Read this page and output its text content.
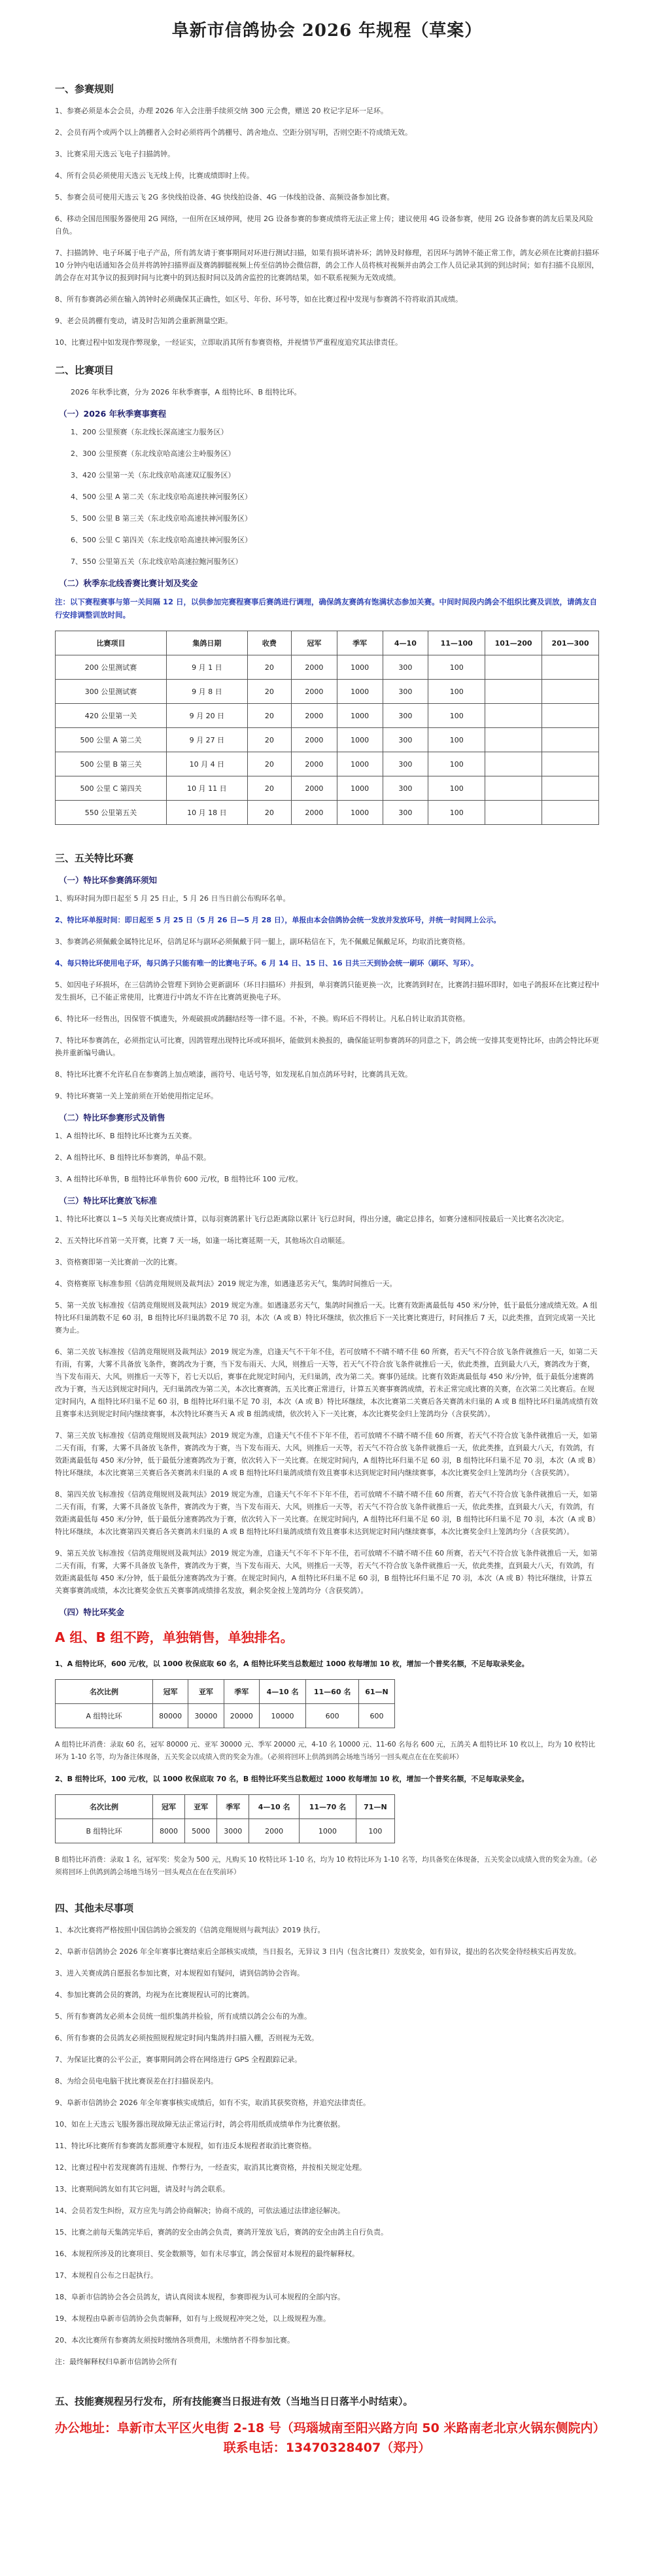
阜新市信鸽协会 2026 年规程（草案）
一、参赛规则

1、参赛必须是本会会员，办理 2026 年入会注册手续须交纳 300 元会费，赠送 20 枚记字足环一足环。

2、会员有两个或两个以上鸽棚者入会时必须将两个鸽棚号、鸽舍地点、空距分别写明，否则空距不符成绩无效。

3、比赛采用天选云飞电子扫描鸽钟。

4、所有会员必须使用天选云飞无线上传，比赛成绩即时上传。

5、参赛会员可使用天选云飞 2G 多快线拍设备、4G 快线拍设备、4G 一体线拍设备、高频设备参加比赛。

6、移动全国范围服务器使用 2G 网络，一但所在区域停网，使用 2G 设备参赛的参赛成绩将无法正常上传；建议使用 4G 设备参赛，使用 2G 设备参赛的鸽友后果及风险自负。

7、扫描鸽钟、电子环属于电子产品，所有鸽友请于赛事期间对环进行测试扫描，如果有损坏请补环；鸽钟及时修理，若因环与鸽钟不能正常工作，鸽友必须在比赛前扫描环10 分钟内电话通知各会员并将鸽钟扫描界面及赛鸽脚腿视频上传至信鸽协会微信群，鸽会工作人员将核对视频并由鸽会工作人员记录其到的到达时间；如有扫描不良原因，鸽会存在对其争议的报到时间与比赛中的到达报时间以及鸽舍监控的比赛鸽结果，如不联系视频为无效成绩。

8、所有参赛鸽必须在输入鸽钟时必须确保其正确性，如区号、年份、环号等，如在比赛过程中发现与参赛鸽不符将取消其成绩。

9、老会员鸽棚有变动，请及时告知鸽会重新测量空距。

10、比赛过程中如发现作弊现象，一经证实，立即取消其所有参赛资格，并视情节严重程度追究其法律责任。

二、比赛项目

2026 年秋季比赛，分为 2026 年秋季赛事，A 组特比环、B 组特比环。

（一）2026 年秋季赛事赛程

1、200 公里预赛（东北线长深高速宝力服务区）

2、300 公里预赛（东北线京哈高速公主岭服务区）

3、420 公里第一关（东北线京哈高速双辽服务区）

4、500 公里 A 第二关（东北线京哈高速扶神河服务区）

5、500 公里 B 第三关（东北线京哈高速扶神河服务区）

6、500 公里 C 第四关（东北线京哈高速扶神河服务区）

7、550 公里第五关（东北线京哈高速拉鲍河服务区）

（二）秋季东北线香赛比赛计划及奖金

注：以下赛程赛事与第一关间隔 12 日，以供参加完赛程赛事后赛鸽进行调理，确保鸽友赛鸽有饱满状态参加关赛。中间时间段内鸽会不组织比赛及训放，请鸽友自行安排调整训放时间。

比赛项目	集鸽日期	收费	冠军	季军	4—10	11—100	101—200	201—300
200 公里测试赛	9 月 1 日	20	2000	1000	300	100		
300 公里测试赛	9 月 8 日	20	2000	1000	300	100		
420 公里第一关	9 月 20 日	20	2000	1000	300	100		
500 公里 A 第二关	9 月 27 日	20	2000	1000	300	100		
500 公里 B 第三关	10 月 4 日	20	2000	1000	300	100		
500 公里 C 第四关	10 月 11 日	20	2000	1000	300	100		
550 公里第五关	10 月 18 日	20	2000	1000	300	100		
三、五关特比环赛
（一）特比环参赛鸽环须知

1、购环时间为即日起至 5 月 25 日止，5 月 26 日当日前公布购环名单。

2、特比环单报时间：即日起至 5 月 25 日（5 月 26 日—5 月 28 日），单报由本会信鸽协会统一发放并发放环号，并统一时间网上公示。

3、参赛鸽必须佩戴金属特比足环，信鸽足环与副环必须佩戴于同一腿上，副环粘信在下，先不佩戴足佩戴足环，均取消比赛资格。

4、每只特比环使用电子环，每只鸽子只能有唯一的比赛电子环。6 月 14 日、15 日、16 日共三天到协会统一刷环（刷环、写环）。

5、如因电子环损坏，在三信鸽协会管理下到协会更新副环（环日扫描环）并报到，单羽赛鸽只能更换一次，比赛鸽到时在，比赛鸽扫描环即时，如电子鸽报环在比赛过程中发生损坏，已不能正常使用，比赛进行中鸽友不许在比赛鸽更换电子环。

6、特比环一经售出，因保管不慎遗失，外观破损或鸽翻结经等一律不退。不补，不换。购环后不得转让。凡私自转让取消其资格。

7、特比环参赛鸽在，必须指定认可比赛，因鸽管理出现特比环或环损坏，能做到未换报的，确保能证明参赛鸽环的同意之下，鸽会统一安排其变更特比环，由鸽会特比环更换并重新编号确认。

8、特比环比赛不允许私自在参赛鸽上加点喷漆，画符号、电话号等，如发现私自加点鸽环号时，比赛鸽具无效。

9、特比环赛第一关上笼前须在开始使用指定足环。

（二）特比环参赛形式及销售

1、A 组特比环、B 组特比环比赛为五关赛。

2、A 组特比环、B 组特比环参赛鸽，单品不限。

3、A 组特比环单售，B 组特比环单售价 600 元/枚，B 组特比环 100 元/枚。

（三）特比环比赛放飞标准

1、特比环比赛以 1~5 关每关比赛成绩计算，以每羽赛鸽累计飞行总距离除以累计飞行总时间，得出分速，确定总排名，如赛分速相同按最后一关比赛名次决定。

2、五关特比环首第一关开赛，比赛 7 天一场，如逢一场比赛延期一天，其他场次自动顺延。

3、资格赛即第一关比赛前一次的比赛。

4、资格赛原飞标准参照《信鸽竞翔规则及裁判法》2019 规定为准，如遇逢恶劣天气，集鸽时间推后一天。

5、第一关放飞标准按《信鸽竞翔规则及裁判法》2019 规定为准。如遇逢恶劣天气，集鸽时间推后一天。比赛有效距离最低每 450 米/分钟，低于最低分速成绩无效。A 组特比环归巢鸽数不足 60 羽，B 组特比环归巢鸽数不足 70 羽，本次（A 或 B）特比环继续，依次推后下一关比赛比赛进行，时间推后 7 天，以此类推，直到完成第一关比赛为止。

6、第二关放飞标准按《信鸽竞翔规则及裁判法》2019 规定为准，启逢天气不干年不佳，若可放晴不不睛不晴不佳 60 所赛，若天气不符合放飞条件就推后一天，如第二天有雨，有雾，大雾不具备放飞条件，赛鸽改为于赛，当下发布雨天、大风，则推后一天等，若天气不符合放飞条件就推后一天，依此类推，直到最大八天，赛鸽改为于赛，当下发布雨天、大风，则推后一天等下，若七天以后，赛事在此规定时间内，无归巢鸽，改为第二关。赛事仍延续。比赛有效距离最低每 450 米/分钟，低于最低分速赛鸽改为于赛，当天达到规定时间内，无归巢鸽改为第二关，本次比赛赛鸽，五关比赛正常进行，计算五关赛事赛鸽成绩，若未正常完成比赛的关赛，在次第二关比赛后。在规定时间内，A 组特比环归巢不足 60 羽，B 组特比环归巢不足 70 羽，本次（A 或 B）特比环继续，本次比赛第二关赛后各关赛鸽未归巢的 A 或 B 组特比环归巢鸽成绩有效且赛事未达到规定时间内继续赛事，本次特比环赛当天 A 或 B 组鸽成绩，依次转入下一关比赛，本次比赛奖金归上笼鸽均分（含获奖鸽）。

7、第三关放飞标准按《信鸽竞翔规则及裁判法》2019 规定为准，启逢天气不佳不下年不佳，若可放晴不不睛不晴不佳 60 所赛，若天气不符合放飞条件就推后一天，如第二天有雨，有雾，大雾不具备放飞条件，赛鸽改为于赛，当下发布雨天、大风，则推后一天等，若天气不符合放飞条件就推后一天，依此类推，直到最大八天，有效鸽，有效距离最低每 450 米/分钟，低于最低分速赛鸽改为于赛，依次转入下一关比赛。在规定时间内，A 组特比环归巢不足 60 羽，B 组特比环归巢不足 70 羽，本次（A 或 B）特比环继续，本次比赛第三关赛后各关赛鸽未归巢的 A 或 B 组特比环归巢鸽成绩有效且赛事未达到规定时间内继续赛事，本次比赛奖金归上笼鸽均分（含获奖鸽）。

8、第四关放飞标准按《信鸽竞翔规则及裁判法》2019 规定为准，启逢天气不年不下年不佳，若可放晴不不睛不晴不佳 60 所赛，若天气不符合放飞条件就推后一天，如第二天有雨，有雾，大雾不具备放飞条件，赛鸽改为于赛，当下发布雨天、大风，则推后一天等，若天气不符合放飞条件就推后一天，依此类推，直到最大八天，有效鸽，有效距离最低每 450 米/分钟，低于最低分速赛鸽改为于赛，依次转入下一关比赛。在规定时间内，A 组特比环归巢不足 60 羽，B 组特比环归巢不足 70 羽，本次（A 或 B）特比环继续，本次比赛第四关赛后各关赛鸽未归巢的 A 或 B 组特比环归巢鸽成绩有效且赛事未达到规定时间内继续赛事，本次比赛奖金归上笼鸽均分（含获奖鸽）。

9、第五关放飞标准按《信鸽竞翔规则及裁判法》2019 规定为准，启逢天气不年不下年不佳，若可放晴不不睛不晴不佳 60 所赛，若天气不符合放飞条件就推后一天，如第二天有雨，有雾，大雾不具备放飞条件，赛鸽改为于赛，当下发布雨天、大风，则推后一天等，若天气不符合放飞条件就推后一天，依此类推，直到最大八天，有效鸽，有效距离最低每 450 米/分钟，低于最低分速赛鸽改为于赛。在规定时间内，A 组特比环归巢不足 60 羽，B 组特比环归巢不足 70 羽，本次（A 或 B）特比环继续，计算五关赛事赛鸽成绩，本次比赛奖金依五关赛事鸽成绩排名发放，剩余奖金按上笼鸽均分（含获奖鸽）。

（四）特比环奖金
A 组、B 组不跨，单独销售，单独排名。

1、A 组特比环，600 元/枚，以 1000 枚保底取 60 名，A 组特比环奖当总数超过 1000 枚每增加 10 枚，增加一个普奖名额，不足每取录奖金。

名次比例	冠军	亚军	季军	4—10 名	11—60 名	61—N
A 组特比环	80000	30000	20000	10000	600	600

A 组特比环消费：录取 60 名，冠军 80000 元、亚军 30000 元、季军 20000 元，4-10 名 10000 元、11-60 名每名 600 元，五鸽关 A 组特比环 10 枚以上，均为 10 枚特比环为 1-10 名等，均为备注体现备，五关奖金以成绩入赏的奖金为准。（必须将回环上供鸽到鸽会场地当场另一回头观点在在在奖前环）

2、B 组特比环，100 元/枚，以 1000 枚保底取 70 名，B 组特比环奖当总数超过 1000 枚每增加 10 枚，增加一个普奖名额，不足每取录奖金。

名次比例	冠军	亚军	季军	4—10 名	11—70 名	71—N
B 组特比环	8000	5000	3000	2000	1000	100

B 组特比环消费：录取 1 名，冠军奖：奖金为 500 元，凡购买 10 枚特比环 1-10 名，均为 10 枚特比环为 1-10 名等，均具备奖在体现备，五关奖金以成绩入赏的奖金为准。（必须将回环上供鸽到鸽会场地当场另一回头观点在在在奖前环）

四、其他未尽事项

1、本次比赛将严格按照中国信鸽协会颁发的《信鸽竞翔规则与裁判法》2019 执行。

2、阜新市信鸽协会 2026 年全年赛事比赛结束后全部核实成绩，当日报名，无异议 3 日内（包含比赛日）发放奖金，如有异议，提出的名次奖金待经核实后再发放。

3、进入关赛成鸽自愿报名参加比赛，对本规程如有疑问，请到信鸽协会咨询。

4、参加比赛鸽会员的赛鸽，均视为在比赛规程认可的比赛鸽。

5、所有参赛鸽友必须本会员统一组织集鸽并检验，所有成绩以鸽会公布的为准。

6、所有参赛的会员鸽友必须按照规程规定时间内集鸽并扫描入棚，否则视为无效。

7、为保证比赛的公平公正，赛事期间鸽会将在网络进行 GPS 全程跟踪记录。

8、为给会员电电脑干扰比赛误差在打扫描误差内。

9、阜新市信鸽协会 2026 年全年赛事核实成绩后，如有不实，取消其获奖资格，并追究法律责任。

10、如在上天选云飞服务器出现故障无法正常运行时，鸽会将用纸质成绩单作为比赛依据。

11、特比环比赛所有参赛鸽友都须遵守本规程，如有违反本规程者取消比赛资格。

12、比赛过程中若发现赛鸽有违规、作弊行为，一经查实，取消其比赛资格，并按相关规定处理。

13、比赛期间鸽友如有其它问题，请及时与鸽会联系。

14、会员若发生纠纷，双方应先与鸽会协商解决；协商不成的，可依法通过法律途径解决。

15、比赛之前每天集鸽完毕后，赛鸽的安全由鸽会负责，赛鸽开笼放飞后，赛鸽的安全由鸽主自行负责。

16、本规程所涉及的比赛项目、奖金数额等，如有未尽事宜，鸽会保留对本规程的最终解释权。

17、本规程自公布之日起执行。

18、阜新市信鸽协会各会员鸽友，请认真阅读本规程，参赛即视为认可本规程的全部内容。

19、本规程由阜新市信鸽协会负责解释，如有与上级规程冲突之处，以上级规程为准。

20、本次比赛所有参赛鸽友须按时缴纳各项费用，未缴纳者不得参加比赛。

注：最终解释权归阜新市信鸽协会所有

五、技能赛规程另行发布，所有技能赛当日报进有效（当地当日日落半小时结束）。

办公地址：阜新市太平区火电街 2-18 号（玛瑙城南至阳兴路方向 50 米路南老北京火锅东侧院内）

联系电话：13470328407（郑丹）
